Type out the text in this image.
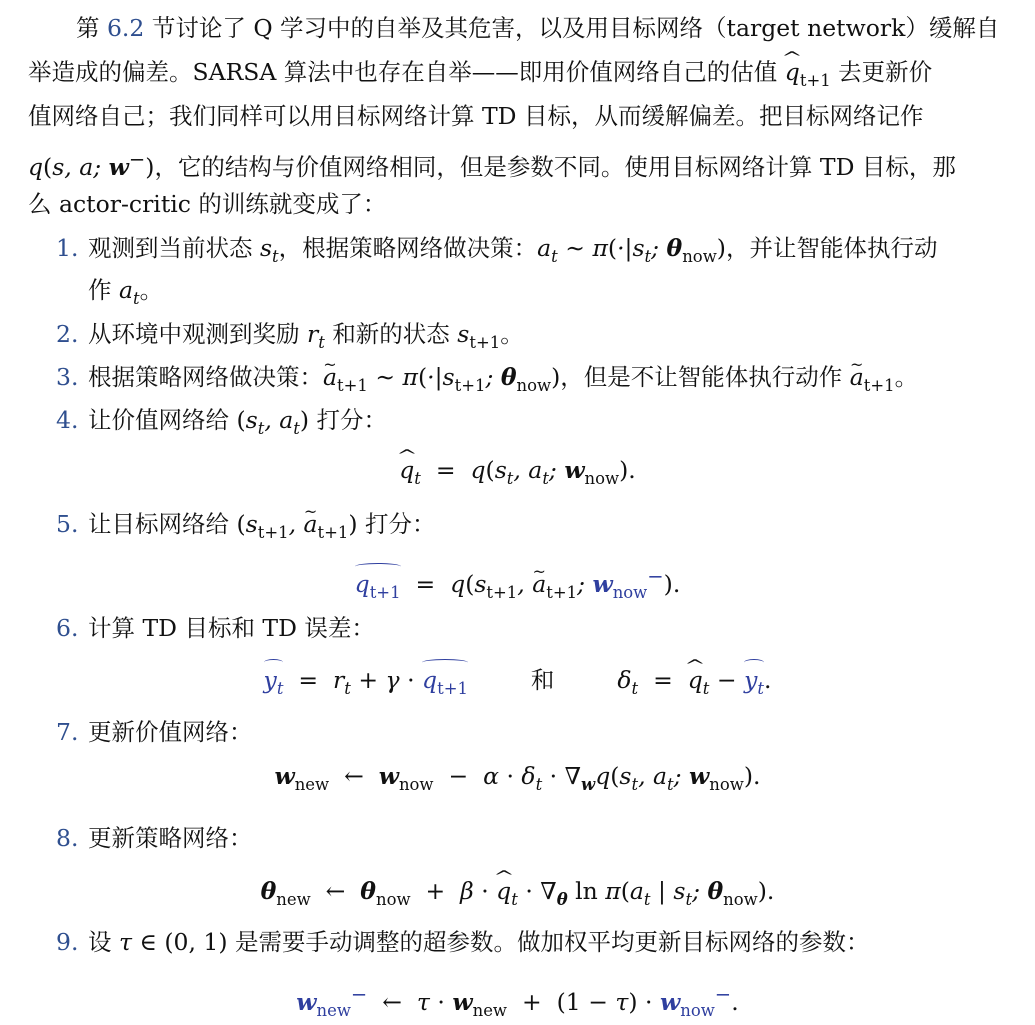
第 6.2 节讨论了 Q 学习中的自举及其危害，以及用目标网络（target network）缓解自
举造成的偏差。SARSA 算法中也存在自举——即用价值网络自己的估值 ^ $q_{t+1}$ 去更新价
值网络自己；我们同样可以用目标网络计算 TD 目标，从而缓解偏差。把目标网络记作
q(s, a; w−)，它的结构与价值网络相同，但是参数不同。使用目标网络计算 TD 目标，那
么 actor-critic 的训练就变成了：
1. 观测到当前状态 $s_t$，根据策略网络做决策：$a_t$ ∼ $\pi(\cdot|s_t$; $\theta_{now}$)，并让智能体执行动
作 $a_t$。
2. 从环境中观测到奖励 $r_t$ 和新的状态 $s_{t+1}$。
3. 根据策略网络做决策：~ $a_{t+1}$ ∼ $\pi(\cdot|s_{t+1}$; $\theta_{now}$)，但是不让智能体执行动作 ~ $a_{t+1}$。
4. 让价值网络给 ($s_t$, $a_t$) 打分：
^ $q_t = q(s_t$, $a_t$; $w_{now}$).
5. 让目标网络给 ($s_{t+1}$, ~ $a_{t+1}$) 打分：
$q_{t+1} = q(s_{t+1}$, ~ $a_{t+1}$; $w_{now}^-$).
6. 计算 TD 目标和 TD 误差：
$y_t = r_t + \gamma \cdot q_{t+1}$	和	$\delta_t$ = ^ $q_t - y_t$.
7. 更新价值网络：
$w_{new}$ ← $w_{now} - \alpha \cdot \delta_t \cdot \nabla_wq(s_t$, $a_t$; $w_{now}$).
8. 更新策略网络：
$\theta_{new}$ ← $\theta_{now} + \beta$ · ^ $q_t \cdot \nabla_\theta$ $\ln \pi(a_t$ | $s_t$; $\theta_{now}$).
9. 设 τ ∈ (0, 1) 是需要手动调整的超参数。做加权平均更新目标网络的参数：
$w_{new}^-$ ←  $\tau \cdot w_{new} + (1 - \tau) \cdot w_{now}^-$.
